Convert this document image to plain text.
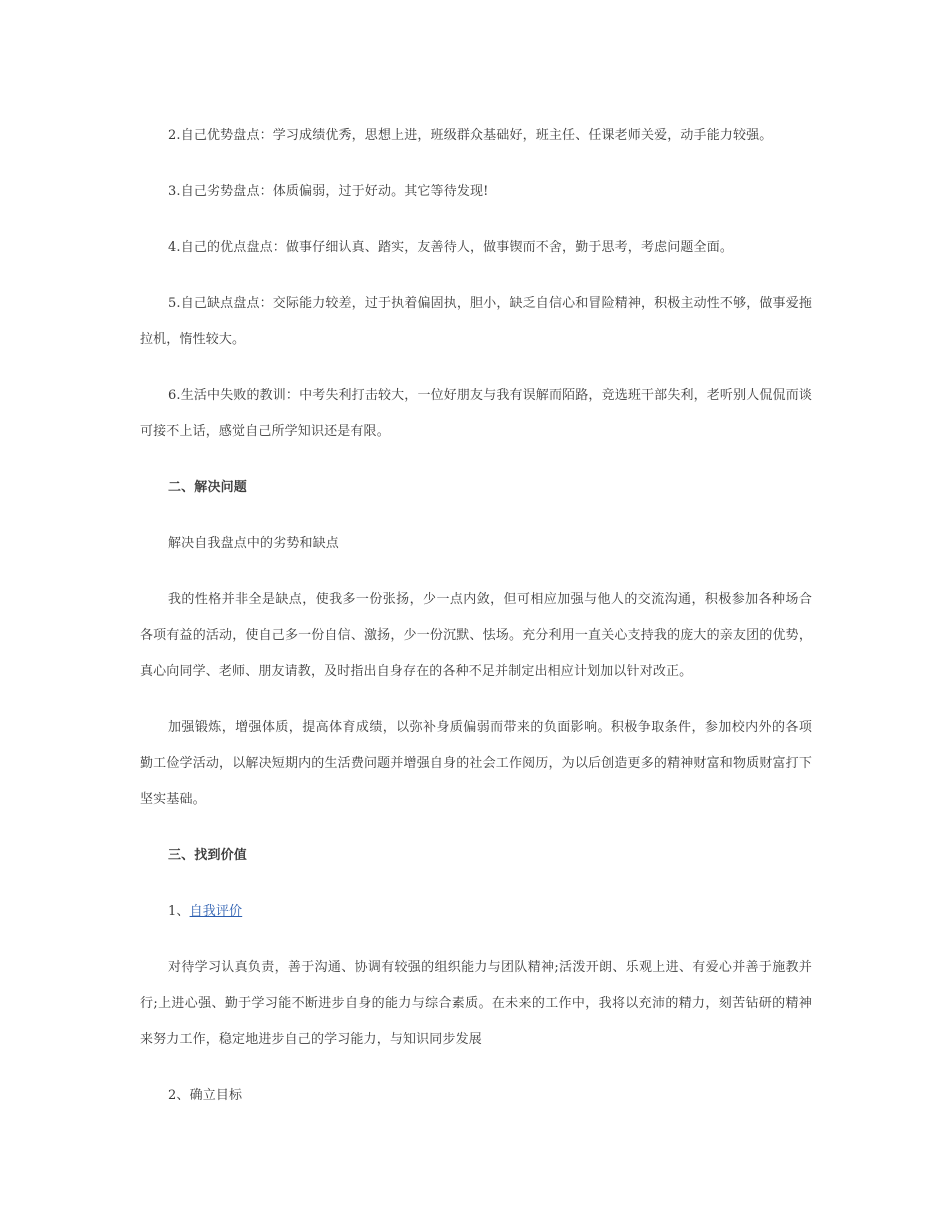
2.自己优势盘点：学习成绩优秀，思想上进，班级群众基础好，班主任、任课老师关爱，动手能力较强。

3.自己劣势盘点：体质偏弱，过于好动。其它等待发现!

4.自己的优点盘点：做事仔细认真、踏实，友善待人，做事锲而不舍，勤于思考，考虑问题全面。

5.自己缺点盘点：交际能力较差，过于执着偏固执，胆小，缺乏自信心和冒险精神，积极主动性不够，做事爱拖拉机，惰性较大。

6.生活中失败的教训：中考失利打击较大，一位好朋友与我有误解而陌路，竞选班干部失利，老听别人侃侃而谈可接不上话，感觉自己所学知识还是有限。

二、解决问题

解决自我盘点中的劣势和缺点

我的性格并非全是缺点，使我多一份张扬，少一点内敛，但可相应加强与他人的交流沟通，积极参加各种场合各项有益的活动，使自己多一份自信、激扬，少一份沉默、怯场。充分利用一直关心支持我的庞大的亲友团的优势，真心向同学、老师、朋友请教，及时指出自身存在的各种不足并制定出相应计划加以针对改正。

加强锻炼，增强体质，提高体育成绩，以弥补身质偏弱而带来的负面影响。积极争取条件，参加校内外的各项勤工俭学活动，以解决短期内的生活费问题并增强自身的社会工作阅历，为以后创造更多的精神财富和物质财富打下坚实基础。

三、找到价值

1、自我评价

对待学习认真负责，善于沟通、协调有较强的组织能力与团队精神;活泼开朗、乐观上进、有爱心并善于施教并行;上进心强、勤于学习能不断进步自身的能力与综合素质。在未来的工作中，我将以充沛的精力，刻苦钻研的精神来努力工作，稳定地进步自己的学习能力，与知识同步发展

2、确立目标
